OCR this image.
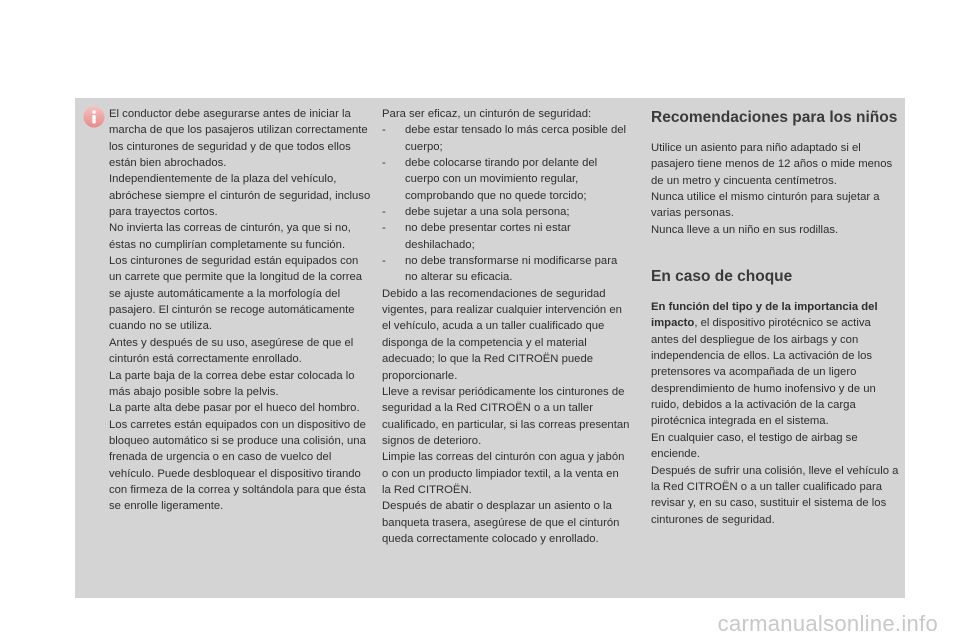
El conductor debe asegurarse antes de iniciar la marcha de que los pasajeros utilizan correctamente los cinturones de seguridad y de que todos ellos están bien abrochados.

Independientemente de la plaza del vehículo, abróchese siempre el cinturón de seguridad, incluso para trayectos cortos.

No invierta las correas de cinturón, ya que si no, éstas no cumplirían completamente su función.

Los cinturones de seguridad están equipados con un carrete que permite que la longitud de la correa se ajuste automáticamente a la morfología del pasajero. El cinturón se recoge automáticamente cuando no se utiliza.

Antes y después de su uso, asegúrese de que el cinturón está correctamente enrollado.

La parte baja de la correa debe estar colocada lo más abajo posible sobre la pelvis.

La parte alta debe pasar por el hueco del hombro.

Los carretes están equipados con un dispositivo de bloqueo automático si se produce una colisión, una frenada de urgencia o en caso de vuelco del vehículo. Puede desbloquear el dispositivo tirando con firmeza de la correa y soltándola para que ésta se enrolle ligeramente.

Para ser eficaz, un cinturón de seguridad:

-	debe estar tensado lo más cerca posible del cuerpo;
-	debe colocarse tirando por delante del cuerpo con un movimiento regular, comprobando que no quede torcido;
-	debe sujetar a una sola persona;
-	no debe presentar cortes ni estar deshilachado;
-	no debe transformarse ni modificarse para no alterar su eficacia.

Debido a las recomendaciones de seguridad vigentes, para realizar cualquier intervención en el vehículo, acuda a un taller cualificado que disponga de la competencia y el material adecuado; lo que la Red CITROËN puede proporcionarle.

Lleve a revisar periódicamente los cinturones de seguridad a la Red CITROËN o a un taller cualificado, en particular, si las correas presentan signos de deterioro.

Limpie las correas del cinturón con agua y jabón o con un producto limpiador textil, a la venta en la Red CITROËN.

Después de abatir o desplazar un asiento o la banqueta trasera, asegúrese de que el cinturón queda correctamente colocado y enrollado.

Recomendaciones para los niños

Utilice un asiento para niño adaptado si el pasajero tiene menos de 12 años o mide menos de un metro y cincuenta centímetros.

Nunca utilice el mismo cinturón para sujetar a varias personas.

Nunca lleve a un niño en sus rodillas.

En caso de choque

En función del tipo y de la importancia del impacto, el dispositivo pirotécnico se activa antes del despliegue de los airbags y con independencia de ellos. La activación de los pretensores va acompañada de un ligero desprendimiento de humo inofensivo y de un ruido, debidos a la activación de la carga pirotécnica integrada en el sistema.

En cualquier caso, el testigo de airbag se enciende.

Después de sufrir una colisión, lleve el vehículo a la Red CITROËN o a un taller cualificado para revisar y, en su caso, sustituir el sistema de los cinturones de seguridad.

carmanualsonline.info
